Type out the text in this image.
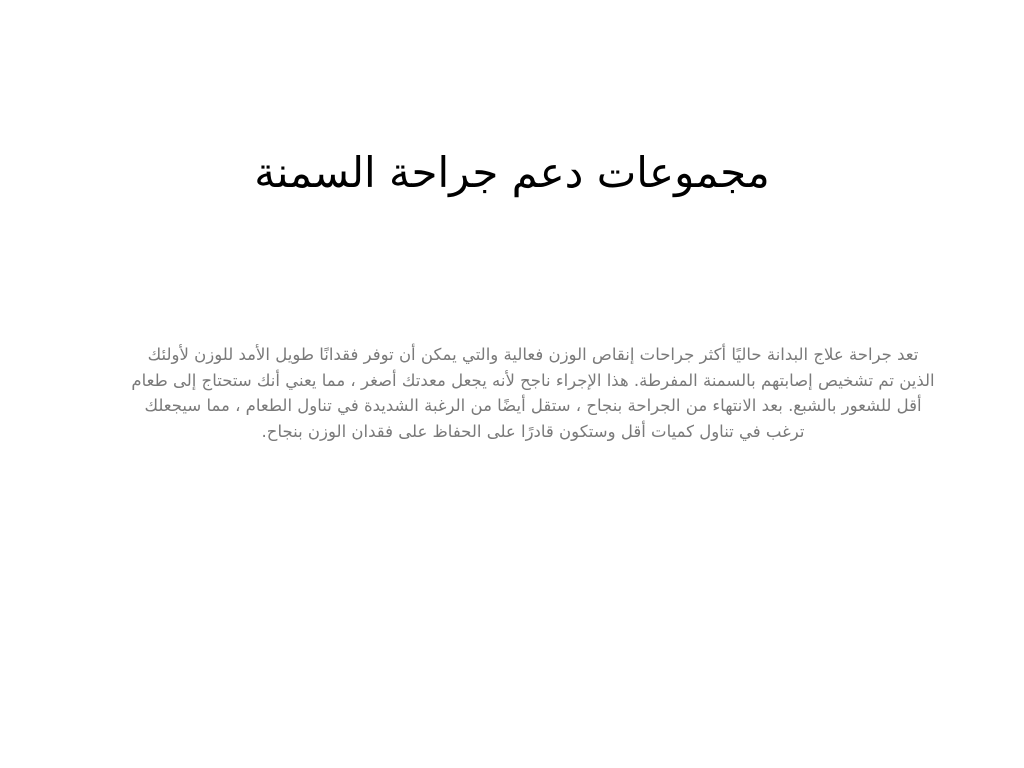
مجموعات دعم جراحة السمنة

تعد جراحة علاج البدانة حاليًا أكثر جراحات إنقاص الوزن فعالية والتي يمكن أن توفر فقدانًا طويل الأمد للوزن لأولئك الذين تم تشخيص إصابتهم بالسمنة المفرطة. هذا الإجراء ناجح لأنه يجعل معدتك أصغر ، مما يعني أنك ستحتاج إلى طعام أقل للشعور بالشبع. بعد الانتهاء من الجراحة بنجاح ، ستقل أيضًا من الرغبة الشديدة في تناول الطعام ، مما سيجعلك ترغب في تناول كميات أقل وستكون قادرًا على الحفاظ على فقدان الوزن بنجاح.
